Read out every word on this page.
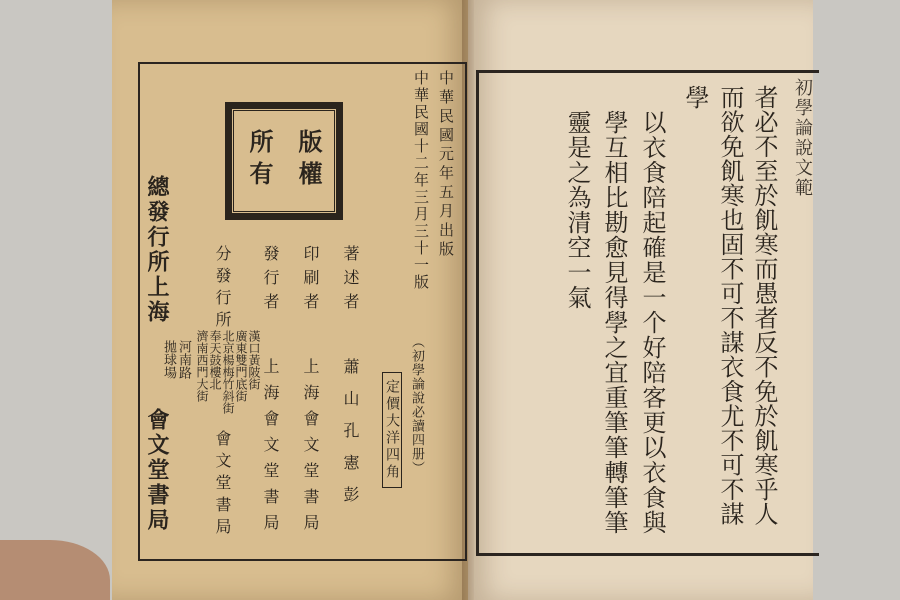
版權
所有	中華民國元年五月出版
中華民國十二年三月三十一版
（初學論說必讀四册）
定價大洋四角
著述者
蕭山孔憲彭
印刷者
上海會文堂書局
發行者
上海會文堂書局
分發行所
漢口黃陂街
廣東雙門底街
北京楊梅竹斜街
奉天鼓樓北
濟南西門大街
會文堂書局
總發行所上海
河南路
拋球場
會文堂書局
初學論說文範
者必不至於飢寒而愚者反不免於飢寒乎人
而欲免飢寒也固不可不謀衣食尤不可不謀
學
以衣食陪起確是一个好陪客更以衣食與
學互相比勘愈見得學之宜重筆筆轉筆筆
靈是之為清空一氣
